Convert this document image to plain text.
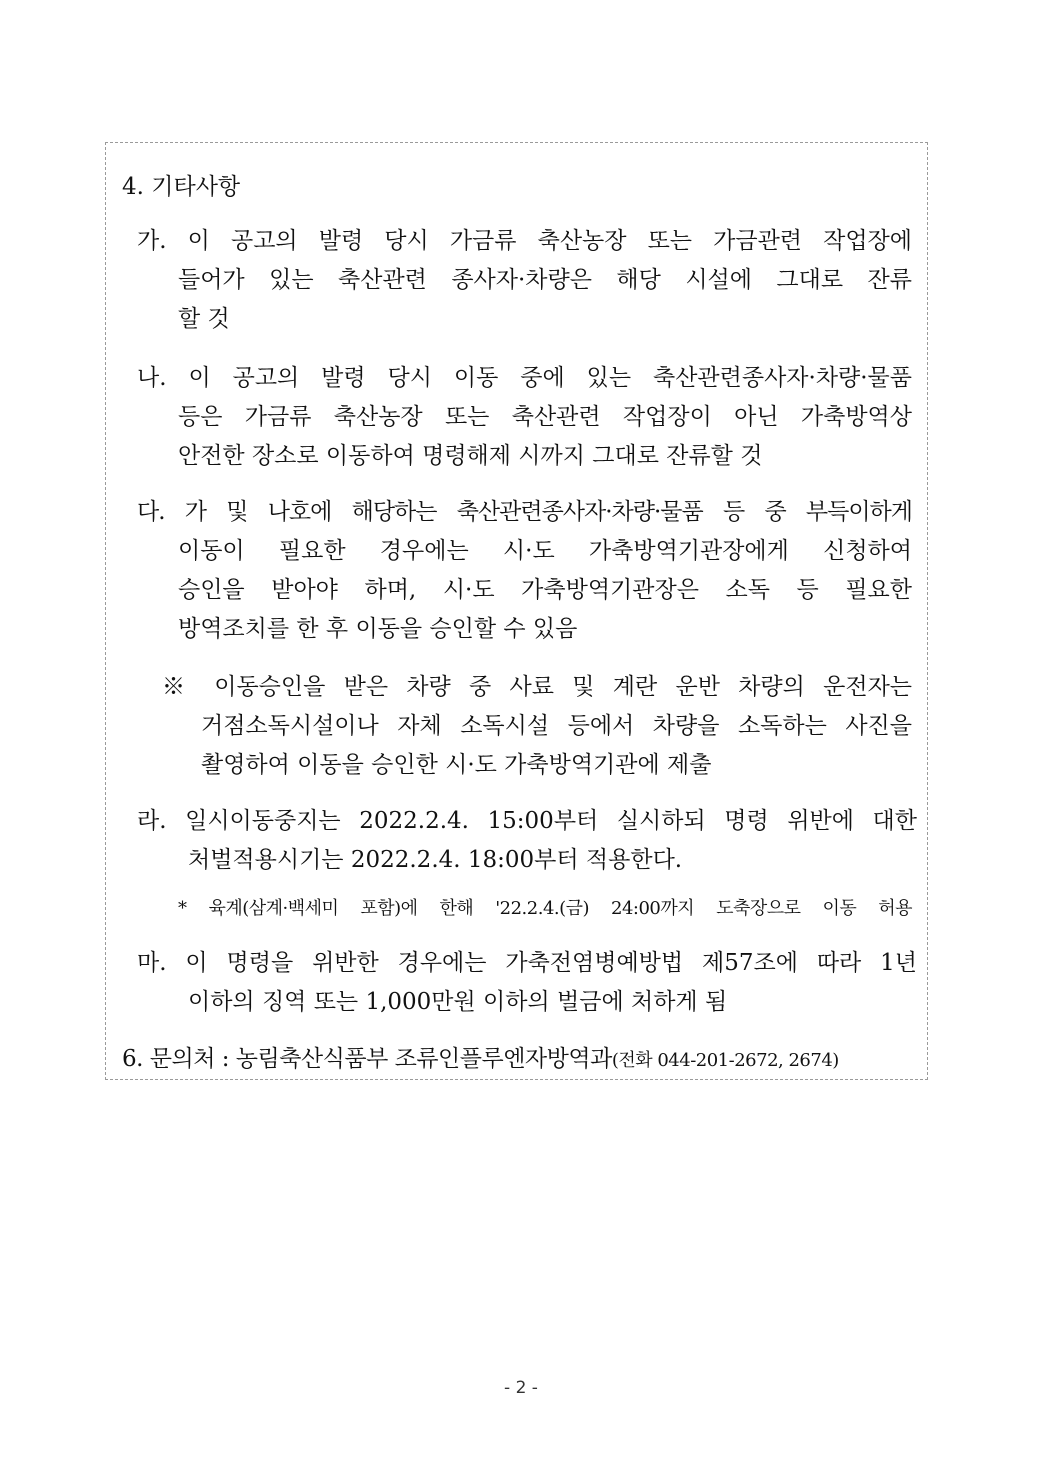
4. 기타사항
가. 이 공고의 발령 당시 가금류 축산농장 또는 가금관련 작업장에
들어가 있는 축산관련 종사자·차량은 해당 시설에 그대로 잔류
할 것
나. 이 공고의 발령 당시 이동 중에 있는 축산관련종사자·차량·물품
등은 가금류 축산농장 또는 축산관련 작업장이 아닌 가축방역상
안전한 장소로 이동하여 명령해제 시까지 그대로 잔류할 것
다. 가 및 나호에 해당하는 축산관련종사자·차량·물품 등 중 부득이하게
이동이 필요한 경우에는 시·도 가축방역기관장에게 신청하여
승인을 받아야 하며, 시·도 가축방역기관장은 소독 등 필요한
방역조치를 한 후 이동을 승인할 수 있음
※ 이동승인을 받은 차량 중 사료 및 계란 운반 차량의 운전자는
거점소독시설이나 자체 소독시설 등에서 차량을 소독하는 사진을
촬영하여 이동을 승인한 시·도 가축방역기관에 제출
라. 일시이동중지는 2022.2.4. 15:00부터 실시하되 명령 위반에 대한
처벌적용시기는 2022.2.4. 18:00부터 적용한다.
* 육계(삼계·백세미 포함)에 한해 '22.2.4.(금) 24:00까지 도축장으로 이동 허용
마. 이 명령을 위반한 경우에는 가축전염병예방법 제57조에 따라 1년
이하의 징역 또는 1,000만원 이하의 벌금에 처하게 됨
6. 문의처 : 농림축산식품부 조류인플루엔자방역과(전화 044-201-2672, 2674)
- 2 -
